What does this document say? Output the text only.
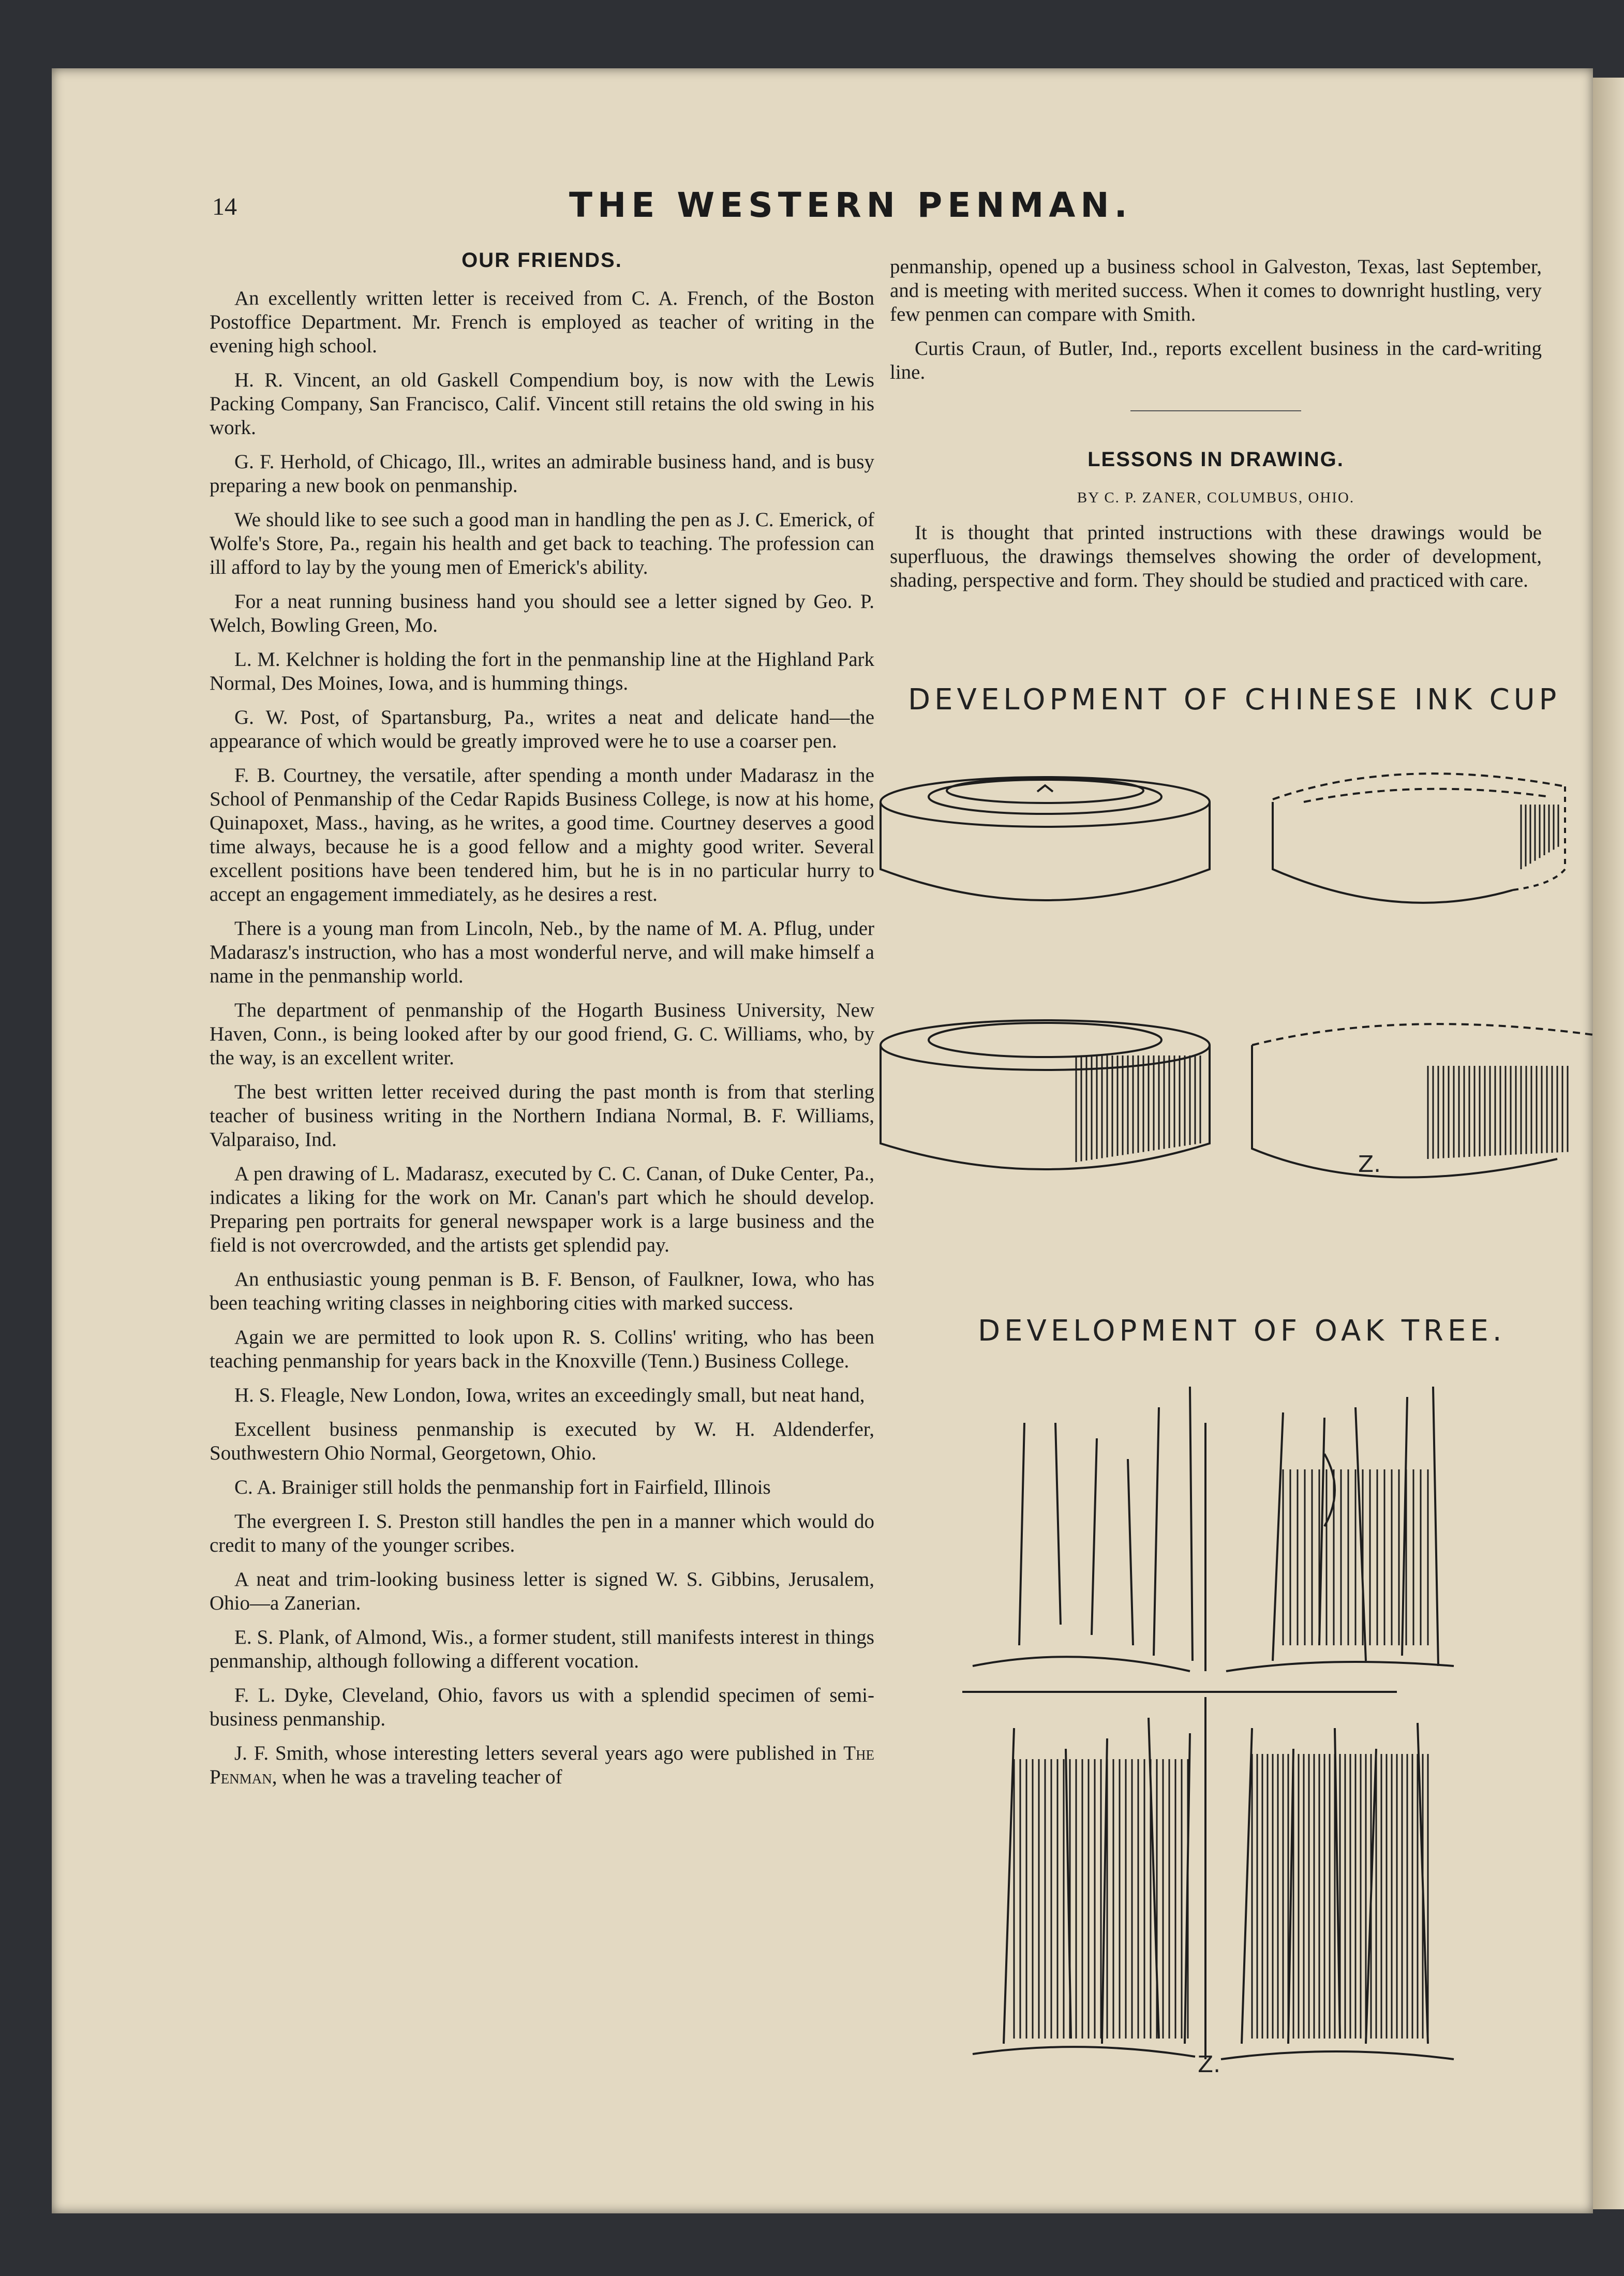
14	THE WESTERN PENMAN.
OUR FRIENDS.

An excellently written letter is received from C. A. French, of the Boston Postoffice Department. Mr. French is employed as teacher of writing in the evening high school.

H. R. Vincent, an old Gaskell Compendium boy, is now with the Lewis Packing Company, San Francisco, Calif. Vincent still retains the old swing in his work.

G. F. Herhold, of Chicago, Ill., writes an admirable business hand, and is busy preparing a new book on penmanship.

We should like to see such a good man in handling the pen as J. C. Emerick, of Wolfe's Store, Pa., regain his health and get back to teaching. The profession can ill afford to lay by the young men of Emerick's ability.

For a neat running business hand you should see a letter signed by Geo. P. Welch, Bowling Green, Mo.

L. M. Kelchner is holding the fort in the penmanship line at the Highland Park Normal, Des Moines, Iowa, and is humming things.

G. W. Post, of Spartansburg, Pa., writes a neat and delicate hand—the appearance of which would be greatly improved were he to use a coarser pen.

F. B. Courtney, the versatile, after spending a month under Madarasz in the School of Penmanship of the Cedar Rapids Business College, is now at his home, Quinapoxet, Mass., having, as he writes, a good time. Courtney deserves a good time always, because he is a good fellow and a mighty good writer. Several excellent positions have been tendered him, but he is in no particular hurry to accept an engagement immediately, as he desires a rest.

There is a young man from Lincoln, Neb., by the name of M. A. Pflug, under Madarasz's instruction, who has a most wonderful nerve, and will make himself a name in the penmanship world.

The department of penmanship of the Hogarth Business University, New Haven, Conn., is being looked after by our good friend, G. C. Williams, who, by the way, is an excellent writer.

The best written letter received during the past month is from that sterling teacher of business writing in the Northern Indiana Normal, B. F. Williams, Valparaiso, Ind.

A pen drawing of L. Madarasz, executed by C. C. Canan, of Duke Center, Pa., indicates a liking for the work on Mr. Canan's part which he should develop. Preparing pen portraits for general newspaper work is a large business and the field is not overcrowded, and the artists get splendid pay.

An enthusiastic young penman is B. F. Benson, of Faulkner, Iowa, who has been teaching writing classes in neighboring cities with marked success.

Again we are permitted to look upon R. S. Collins' writing, who has been teaching penmanship for years back in the Knoxville (Tenn.) Business College.

H. S. Fleagle, New London, Iowa, writes an exceedingly small, but neat hand,

Excellent business penmanship is executed by W. H. Aldenderfer, Southwestern Ohio Normal, Georgetown, Ohio.

C. A. Brainiger still holds the penmanship fort in Fairfield, Illinois

The evergreen I. S. Preston still handles the pen in a manner which would do credit to many of the younger scribes.

A neat and trim-looking business letter is signed W. S. Gibbins, Jerusalem, Ohio—a Zanerian.

E. S. Plank, of Almond, Wis., a former student, still manifests interest in things penmanship, although following a different vocation.

F. L. Dyke, Cleveland, Ohio, favors us with a splendid specimen of semi-business penmanship.

J. F. Smith, whose interesting letters several years ago were published in The Penman, when he was a traveling teacher of

penmanship, opened up a business school in Galveston, Texas, last September, and is meeting with merited success. When it comes to downright hustling, very few penmen can compare with Smith.

Curtis Craun, of Butler, Ind., reports excellent business in the card-writing line.

LESSONS IN DRAWING.
BY C. P. ZANER, COLUMBUS, OHIO.

It is thought that printed instructions with these drawings would be superfluous, the drawings themselves showing the order of development, shading, perspective and form. They should be studied and practiced with care.

DEVELOPMENT OF CHINESE INK CUP
Z.
DEVELOPMENT OF OAK TREE.
Z.
